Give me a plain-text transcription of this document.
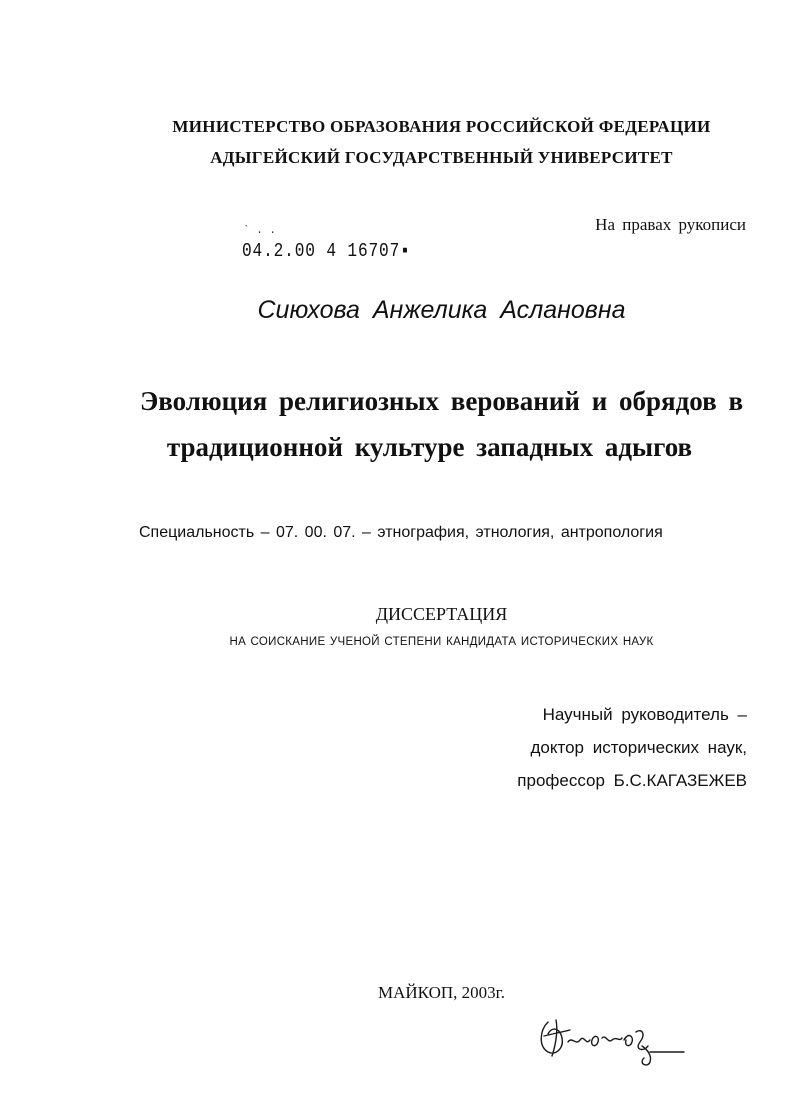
МИНИСТЕРСТВО ОБРАЗОВАНИЯ РОССИЙСКОЙ ФЕДЕРАЦИИ
АДЫГЕЙСКИЙ ГОСУДАРСТВЕННЫЙ УНИВЕРСИТЕТ
На правах рукописи
` . .
04.2.00 4 16707▪
Сиюхова Анжелика Аслановна
Эволюция религиозных верований и обрядов в
традиционной культуре западных адыгов
Специальность – 07. 00. 07. – этнография, этнология, антропология
ДИССЕРТАЦИЯ
НА СОИСКАНИЕ УЧЕНОЙ СТЕПЕНИ КАНДИДАТА ИСТОРИЧЕСКИХ НАУК
Научный руководитель –
доктор исторических наук,
профессор Б.С.КАГАЗЕЖЕВ
МАЙКОП, 2003г.
